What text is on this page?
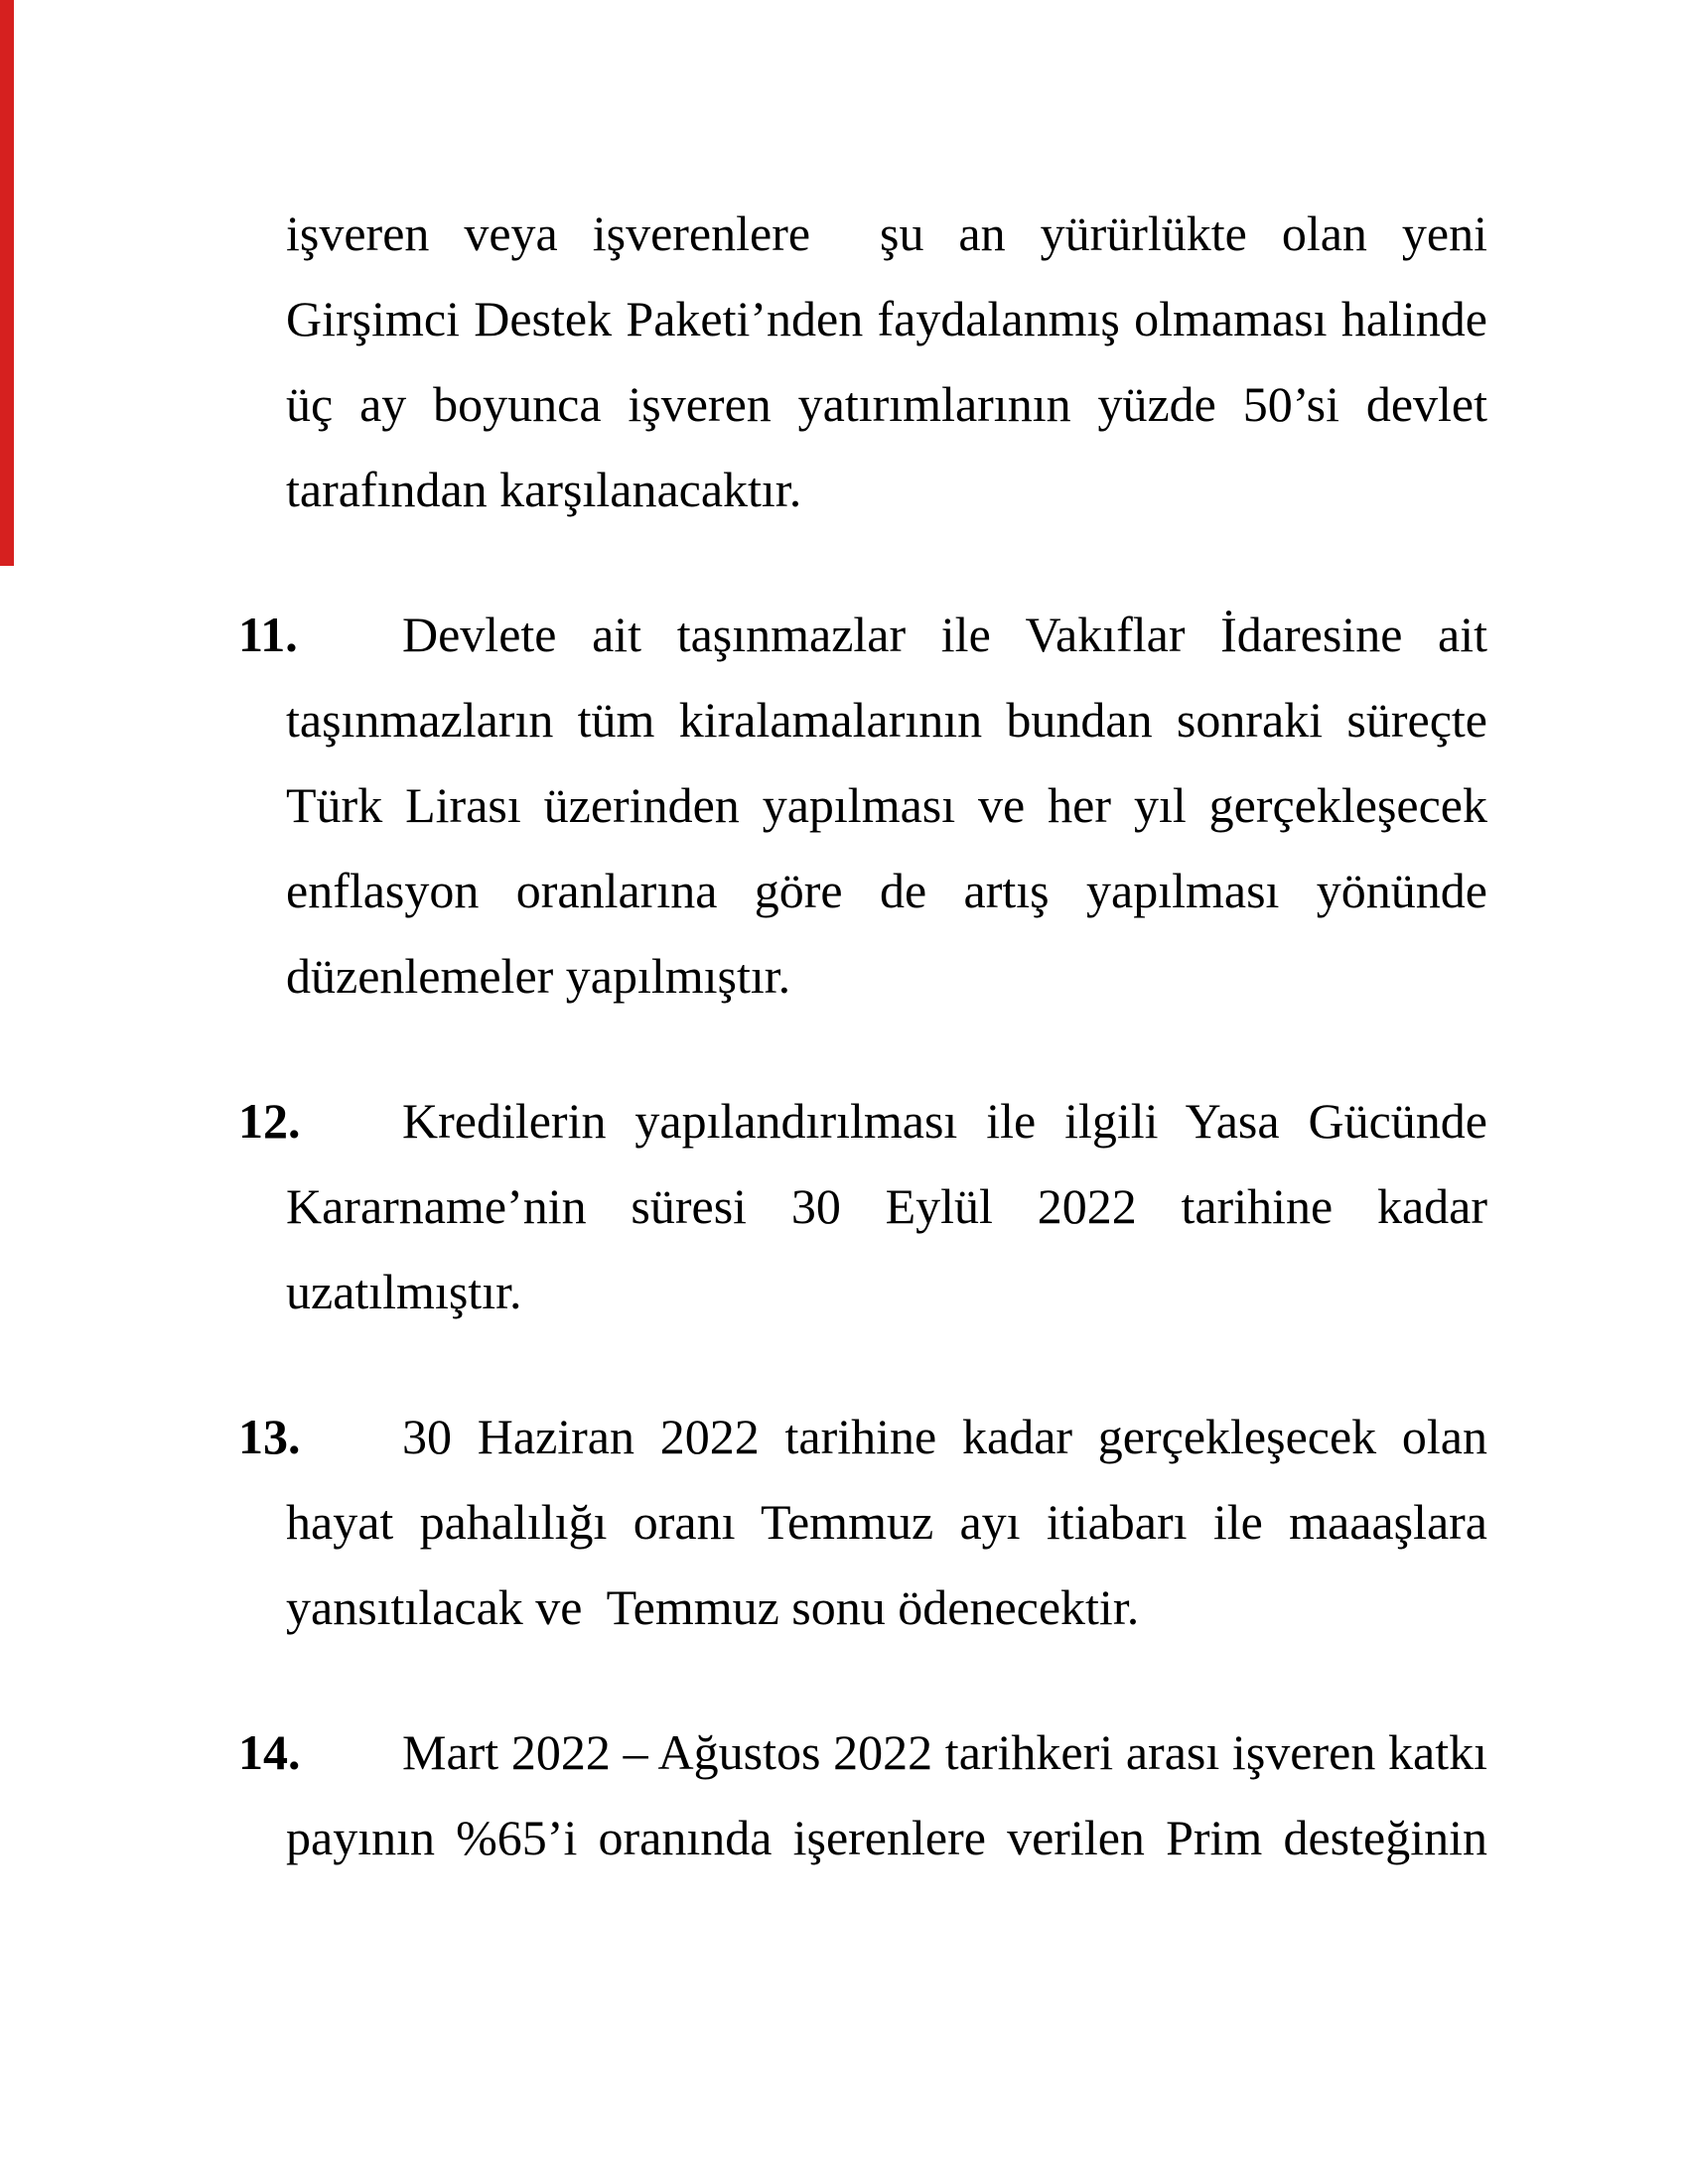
işveren veya işverenlere  şu an yürürlükte olan yeni
Girşimci Destek Paketi’nden faydalanmış olmaması halinde
üç ay boyunca işveren yatırımlarının yüzde 50’si devlet
tarafından karşılanacaktır.
11.	Devlete ait taşınmazlar ile Vakıflar İdaresine ait
taşınmazların tüm kiralamalarının bundan sonraki süreçte
Türk Lirası üzerinden yapılması ve her yıl gerçekleşecek
enflasyon oranlarına göre de artış yapılması yönünde
düzenlemeler yapılmıştır.
12.	Kredilerin yapılandırılması ile ilgili Yasa Gücünde
Kararname’nin süresi 30 Eylül 2022 tarihine kadar
uzatılmıştır.
13.	30 Haziran 2022 tarihine kadar gerçekleşecek olan
hayat pahalılığı oranı Temmuz ayı itiabarı ile maaaşlara
yansıtılacak ve  Temmuz sonu ödenecektir.
14.	Mart 2022 – Ağustos 2022 tarihkeri arası işveren katkı
payının %65’i oranında işerenlere verilen Prim desteğinin
